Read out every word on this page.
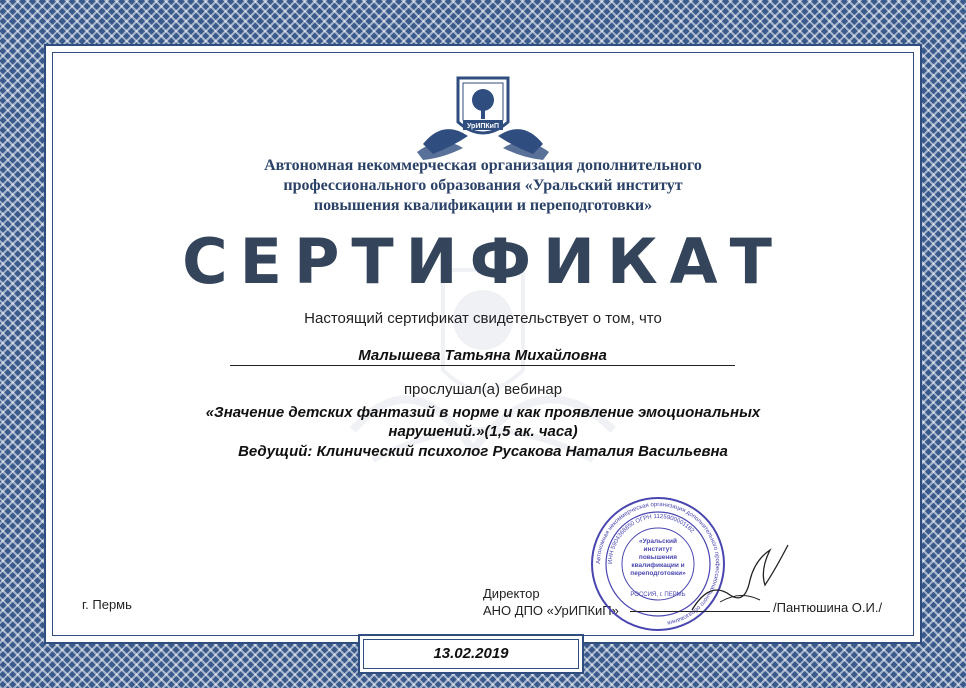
УрИПКиП
Автономная некоммерческая организация дополнительного
профессионального образования «Уральский институт
повышения квалификации и переподготовки»
СЕРТИФИКАТ
Настоящий сертификат свидетельствует о том, что
Малышева Татьяна Михайловна
прослушал(а) вебинар
«Значение детских фантазий в норме и как проявление эмоциональных
нарушений.»(1,5 ак. часа)
Ведущий: Клинический психолог Русакова Наталия Васильевна
г. Пермь
Директор
АНО ДПО «УрИПКиП»
Автономная некоммерческая организация дополнительного профессионального образования
ИНН 5904368850 ОГРН 1125900001182
«Уральский институт повышения квалификации и переподготовки»
РОССИЯ, г. ПЕРМЬ
/Пантюшина О.И./
13.02.2019
